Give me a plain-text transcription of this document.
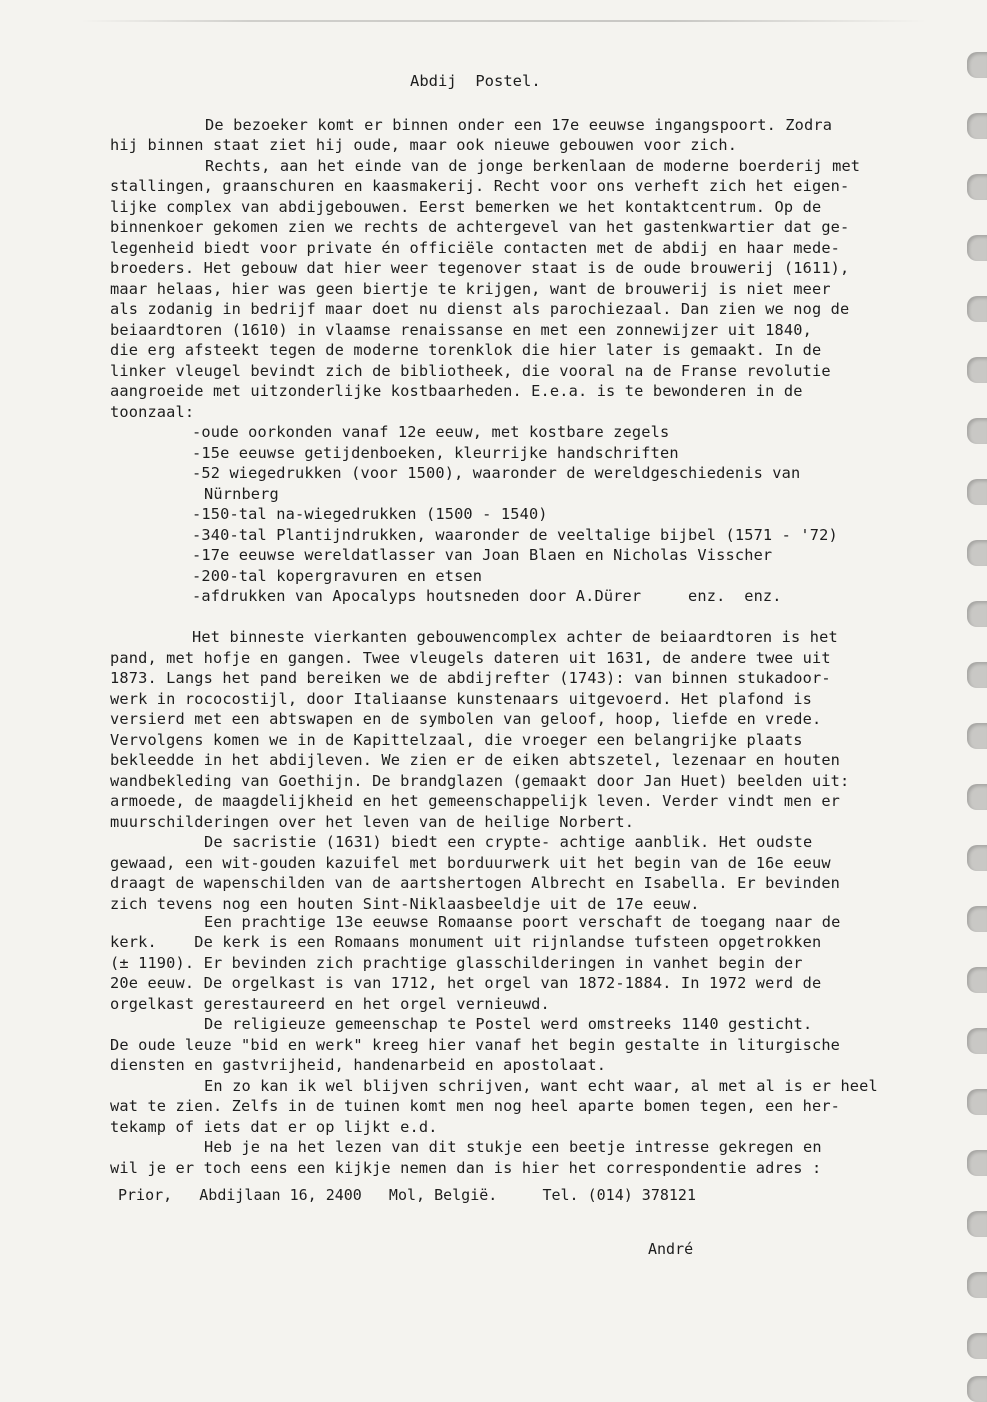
Abdij  Postel.
De bezoeker komt er binnen onder een 17e eeuwse ingangspoort. Zodra
hij binnen staat ziet hij oude, maar ook nieuwe gebouwen voor zich.
Rechts, aan het einde van de jonge berkenlaan de moderne boerderij met
stallingen, graanschuren en kaasmakerij. Recht voor ons verheft zich het eigen-
lijke complex van abdijgebouwen. Eerst bemerken we het kontaktcentrum. Op de
binnenkoer gekomen zien we rechts de achtergevel van het gastenkwartier dat ge-
legenheid biedt voor private én officiële contacten met de abdij en haar mede-
broeders. Het gebouw dat hier weer tegenover staat is de oude brouwerij (1611),
maar helaas, hier was geen biertje te krijgen, want de brouwerij is niet meer
als zodanig in bedrijf maar doet nu dienst als parochiezaal. Dan zien we nog de
beiaardtoren (1610) in vlaamse renaissanse en met een zonnewijzer uit 1840,
die erg afsteekt tegen de moderne torenklok die hier later is gemaakt. In de
linker vleugel bevindt zich de bibliotheek, die vooral na de Franse revolutie
aangroeide met uitzonderlijke kostbaarheden. E.e.a. is te bewonderen in de
toonzaal:
-oude oorkonden vanaf 12e eeuw, met kostbare zegels
-15e eeuwse getijdenboeken, kleurrijke handschriften
-52 wiegedrukken (voor 1500), waaronder de wereldgeschiedenis van
Nürnberg
-150-tal na-wiegedrukken (1500 - 1540)
-340-tal Plantijndrukken, waaronder de veeltalige bijbel (1571 - '72)
-17e eeuwse wereldatlasser van Joan Blaen en Nicholas Visscher
-200-tal kopergravuren en etsen
-afdrukken van Apocalyps houtsneden door A.Dürer     enz.  enz.
Het binneste vierkanten gebouwencomplex achter de beiaardtoren is het
pand, met hofje en gangen. Twee vleugels dateren uit 1631, de andere twee uit
1873. Langs het pand bereiken we de abdijrefter (1743): van binnen stukadoor-
werk in rococostijl, door Italiaanse kunstenaars uitgevoerd. Het plafond is
versierd met een abtswapen en de symbolen van geloof, hoop, liefde en vrede.
Vervolgens komen we in de Kapittelzaal, die vroeger een belangrijke plaats
bekleedde in het abdijleven. We zien er de eiken abtszetel, lezenaar en houten
wandbekleding van Goethijn. De brandglazen (gemaakt door Jan Huet) beelden uit:
armoede, de maagdelijkheid en het gemeenschappelijk leven. Verder vindt men er
muurschilderingen over het leven van de heilige Norbert.
De sacristie (1631) biedt een crypte- achtige aanblik. Het oudste
gewaad, een wit-gouden kazuifel met borduurwerk uit het begin van de 16e eeuw
draagt de wapenschilden van de aartshertogen Albrecht en Isabella. Er bevinden
zich tevens nog een houten Sint-Niklaasbeeldje uit de 17e eeuw.
Een prachtige 13e eeuwse Romaanse poort verschaft de toegang naar de
kerk.    De kerk is een Romaans monument uit rijnlandse tufsteen opgetrokken
(± 1190). Er bevinden zich prachtige glasschilderingen in vanhet begin der
20e eeuw. De orgelkast is van 1712, het orgel van 1872-1884. In 1972 werd de
orgelkast gerestaureerd en het orgel vernieuwd.
De religieuze gemeenschap te Postel werd omstreeks 1140 gesticht.
De oude leuze "bid en werk" kreeg hier vanaf het begin gestalte in liturgische
diensten en gastvrijheid, handenarbeid en apostolaat.
En zo kan ik wel blijven schrijven, want echt waar, al met al is er heel
wat te zien. Zelfs in de tuinen komt men nog heel aparte bomen tegen, een her-
tekamp of iets dat er op lijkt e.d.
Heb je na het lezen van dit stukje een beetje intresse gekregen en
wil je er toch eens een kijkje nemen dan is hier het correspondentie adres :
Prior,   Abdijlaan 16, 2400   Mol, België.     Tel. (014) 378121
André
